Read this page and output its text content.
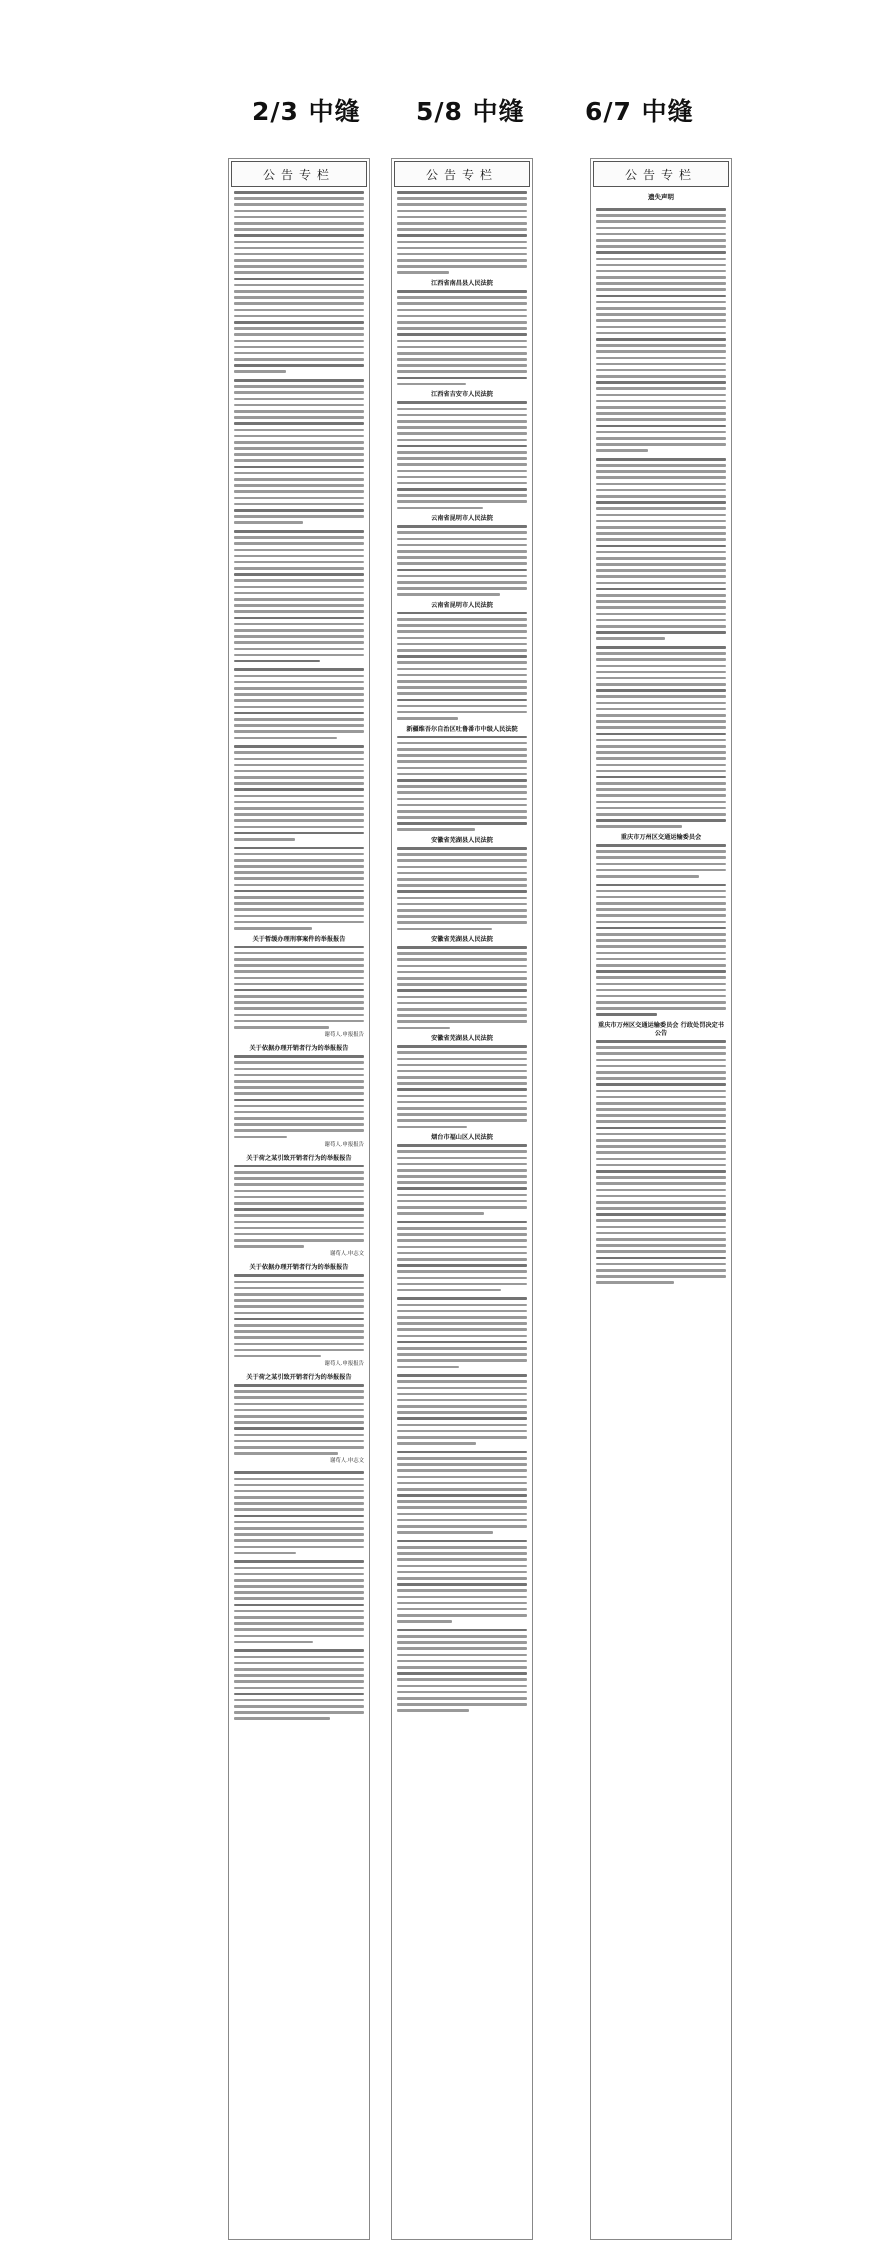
2/3 中缝 5/8 中缝 6/7 中缝
公告专栏
关于暂缓办理刑事案件的举报报告
谢苟人.申报报告
关于依据办理开销者行为的举报报告
谢苟人.申报报告
关于荷之某引致开销者行为的举报报告
谢苟人.申志文
关于依据办理开销者行为的举报报告
谢苟人.申报报告
关于荷之某引致开销者行为的举报报告
谢苟人.申志文
公告专栏
江西省南昌县人民法院
江西省吉安市人民法院
云南省昆明市人民法院
云南省昆明市人民法院
新疆维吾尔自治区吐鲁番市中级人民法院
安徽省芜湖县人民法院
安徽省芜湖县人民法院
安徽省芜湖县人民法院
烟台市福山区人民法院
公告专栏
遗失声明
重庆市万州区交通运输委员会
重庆市万州区交通运输委员会 行政处罚决定书公告
